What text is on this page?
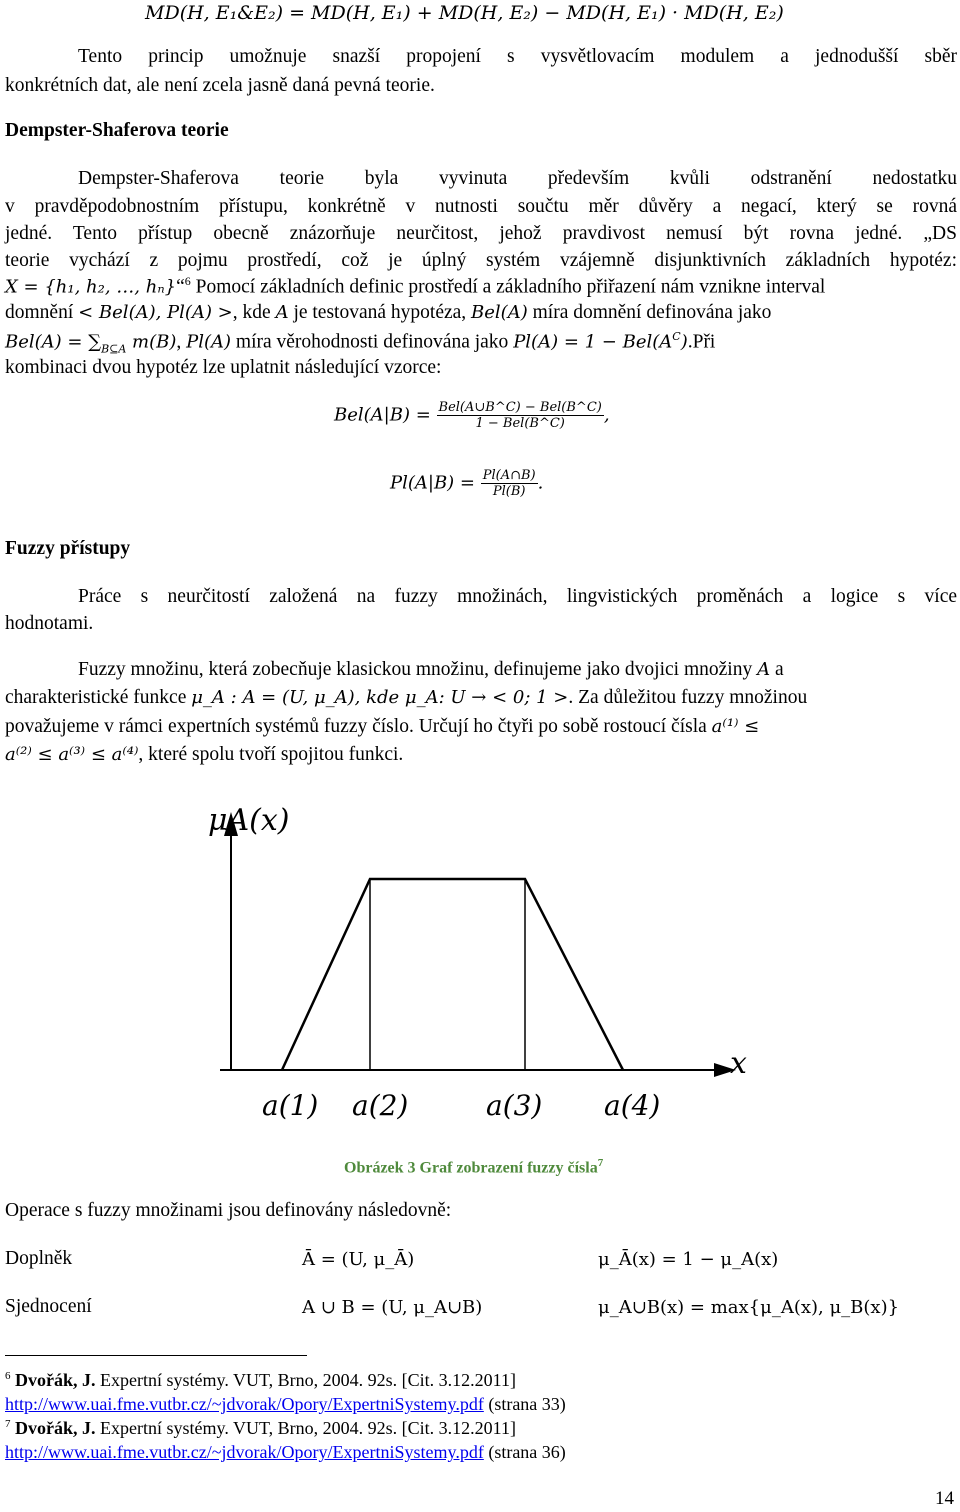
MD(H, E₁&E₂) = MD(H, E₁) + MD(H, E₂) − MD(H, E₁) · MD(H, E₂)
Tento princip umožnuje snazší propojení s vysvětlovacím modulem a jednodušší sběr
konkrétních dat, ale není zcela jasně daná pevná teorie.
Dempster-Shaferova teorie
Dempster-Shaferova teorie byla vyvinuta především kvůli odstranění nedostatku
v pravděpodobnostním přístupu, konkrétně v nutnosti součtu měr důvěry a negací, který se rovná
jedné. Tento přístup obecně znázorňuje neurčitost, jehož pravdivost nemusí být rovna jedné. „DS
teorie vychází z pojmu prostředí, což je úplný systém vzájemně disjunktivních základních hypotéz:
X = {h₁, h₂, …, hₙ}“$^6$ Pomocí základních definic prostředí a základního přiřazení nám vznikne interval
domnění < Bel(A), Pl(A) >, kde A je testovaná hypotéza, Bel(A) míra domnění definována jako
$Bel(A) = \sum_{B⊆A}$ m(B), Pl(A) míra věrohodnosti definována jako $Pl(A) = 1 - Bel(A^C).Při$
kombinaci dvou hypotéz lze uplatnit následující vzorce:
$Bel(A|B) = \frac{\text{Bel(A∪B\textasciicircum{}C) − Bel(B\textasciicircum{}C)}}{\text{1 − Bel(B\textasciicircum{}C)}}$ ,
$Pl(A|B) = \frac{Pl(A\cap B)}{Pl(B)}$ .
Fuzzy přístupy
Práce s neurčitostí založená na fuzzy množinách, lingvistických proměnách a logice s více
hodnotami.
Fuzzy množinu, která zobecňuje klasickou množinu, definujeme jako dvojici množiny A a
charakteristické funkce μ_A : A = (U, μ_A), kde μ_A: U → < 0; 1 >. Za důležitou fuzzy množinou
považujeme v rámci expertních systémů fuzzy číslo. Určují ho čtyři po sobě rostoucí čísla a⁽¹⁾ ≤
a⁽²⁾ ≤ a⁽³⁾ ≤ a⁽⁴⁾, které spolu tvoří spojitou funkci.
μA(x)
x
a(1) a(2)	a(3) a(4)
Obrázek 3 Graf zobrazení fuzzy čísla$^7$
Operace s fuzzy množinami jsou definovány následovně:
Doplněk	Ā = (U, μ_Ā)	μ_Ā(x) = 1 − μ_A(x)
Sjednocení	A ∪ B = (U, μ_A∪B)	μ_A∪B(x) = max{μ_A(x), μ_B(x)}
$^6$ Dvořák, J. Expertní systémy. VUT, Brno, 2004. 92s. [Cit. 3.12.2011]
http://www.uai.fme.vutbr.cz/~jdvorak/Opory/ExpertniSystemy.pdf (strana 33)
$^7$ Dvořák, J. Expertní systémy. VUT, Brno, 2004. 92s. [Cit. 3.12.2011]
http://www.uai.fme.vutbr.cz/~jdvorak/Opory/ExpertniSystemy.pdf (strana 36)
14
